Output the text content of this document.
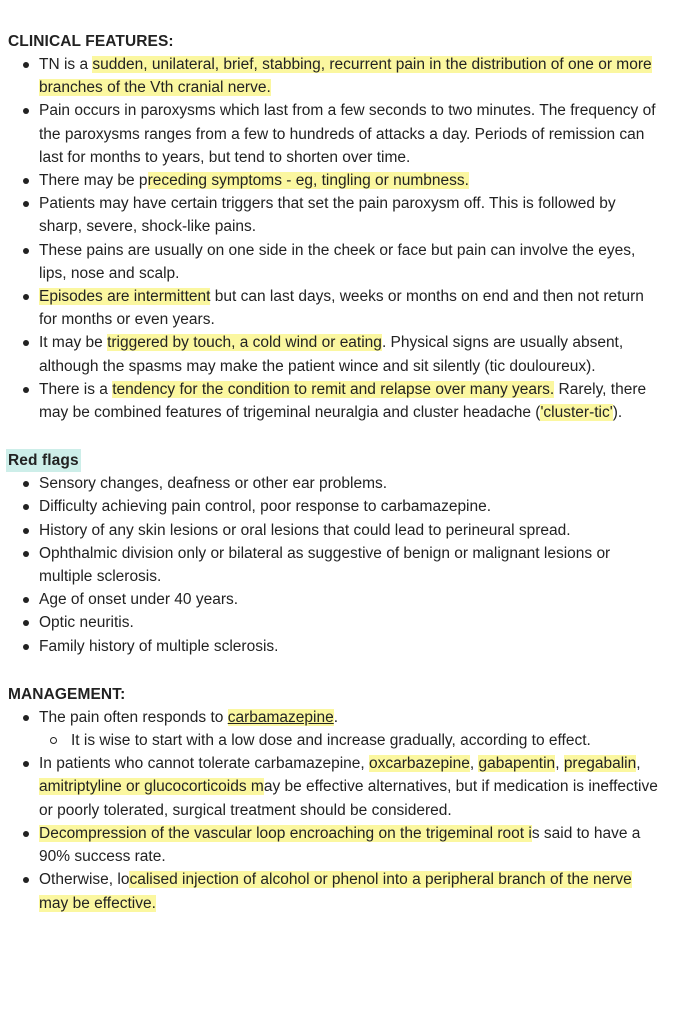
CLINICAL FEATURES:
TN is a sudden, unilateral, brief, stabbing, recurrent pain in the distribution of one or more branches of the Vth cranial nerve.
Pain occurs in paroxysms which last from a few seconds to two minutes. The frequency of the paroxysms ranges from a few to hundreds of attacks a day. Periods of remission can last for months to years, but tend to shorten over time.
There may be preceding symptoms - eg, tingling or numbness.
Patients may have certain triggers that set the pain paroxysm off. This is followed by sharp, severe, shock-like pains.
These pains are usually on one side in the cheek or face but pain can involve the eyes, lips, nose and scalp.
Episodes are intermittent but can last days, weeks or months on end and then not return for months or even years.
It may be triggered by touch, a cold wind or eating. Physical signs are usually absent, although the spasms may make the patient wince and sit silently (tic douloureux).
There is a tendency for the condition to remit and relapse over many years. Rarely, there may be combined features of trigeminal neuralgia and cluster headache ('cluster-tic').
Red flags
Sensory changes, deafness or other ear problems.
Difficulty achieving pain control, poor response to carbamazepine.
History of any skin lesions or oral lesions that could lead to perineural spread.
Ophthalmic division only or bilateral as suggestive of benign or malignant lesions or multiple sclerosis.
Age of onset under 40 years.
Optic neuritis.
Family history of multiple sclerosis.
MANAGEMENT:
The pain often responds to carbamazepine.
It is wise to start with a low dose and increase gradually, according to effect.
In patients who cannot tolerate carbamazepine, oxcarbazepine, gabapentin, pregabalin, amitriptyline or glucocorticoids may be effective alternatives, but if medication is ineffective or poorly tolerated, surgical treatment should be considered.
Decompression of the vascular loop encroaching on the trigeminal root is said to have a 90% success rate.
Otherwise, localised injection of alcohol or phenol into a peripheral branch of the nerve may be effective.
